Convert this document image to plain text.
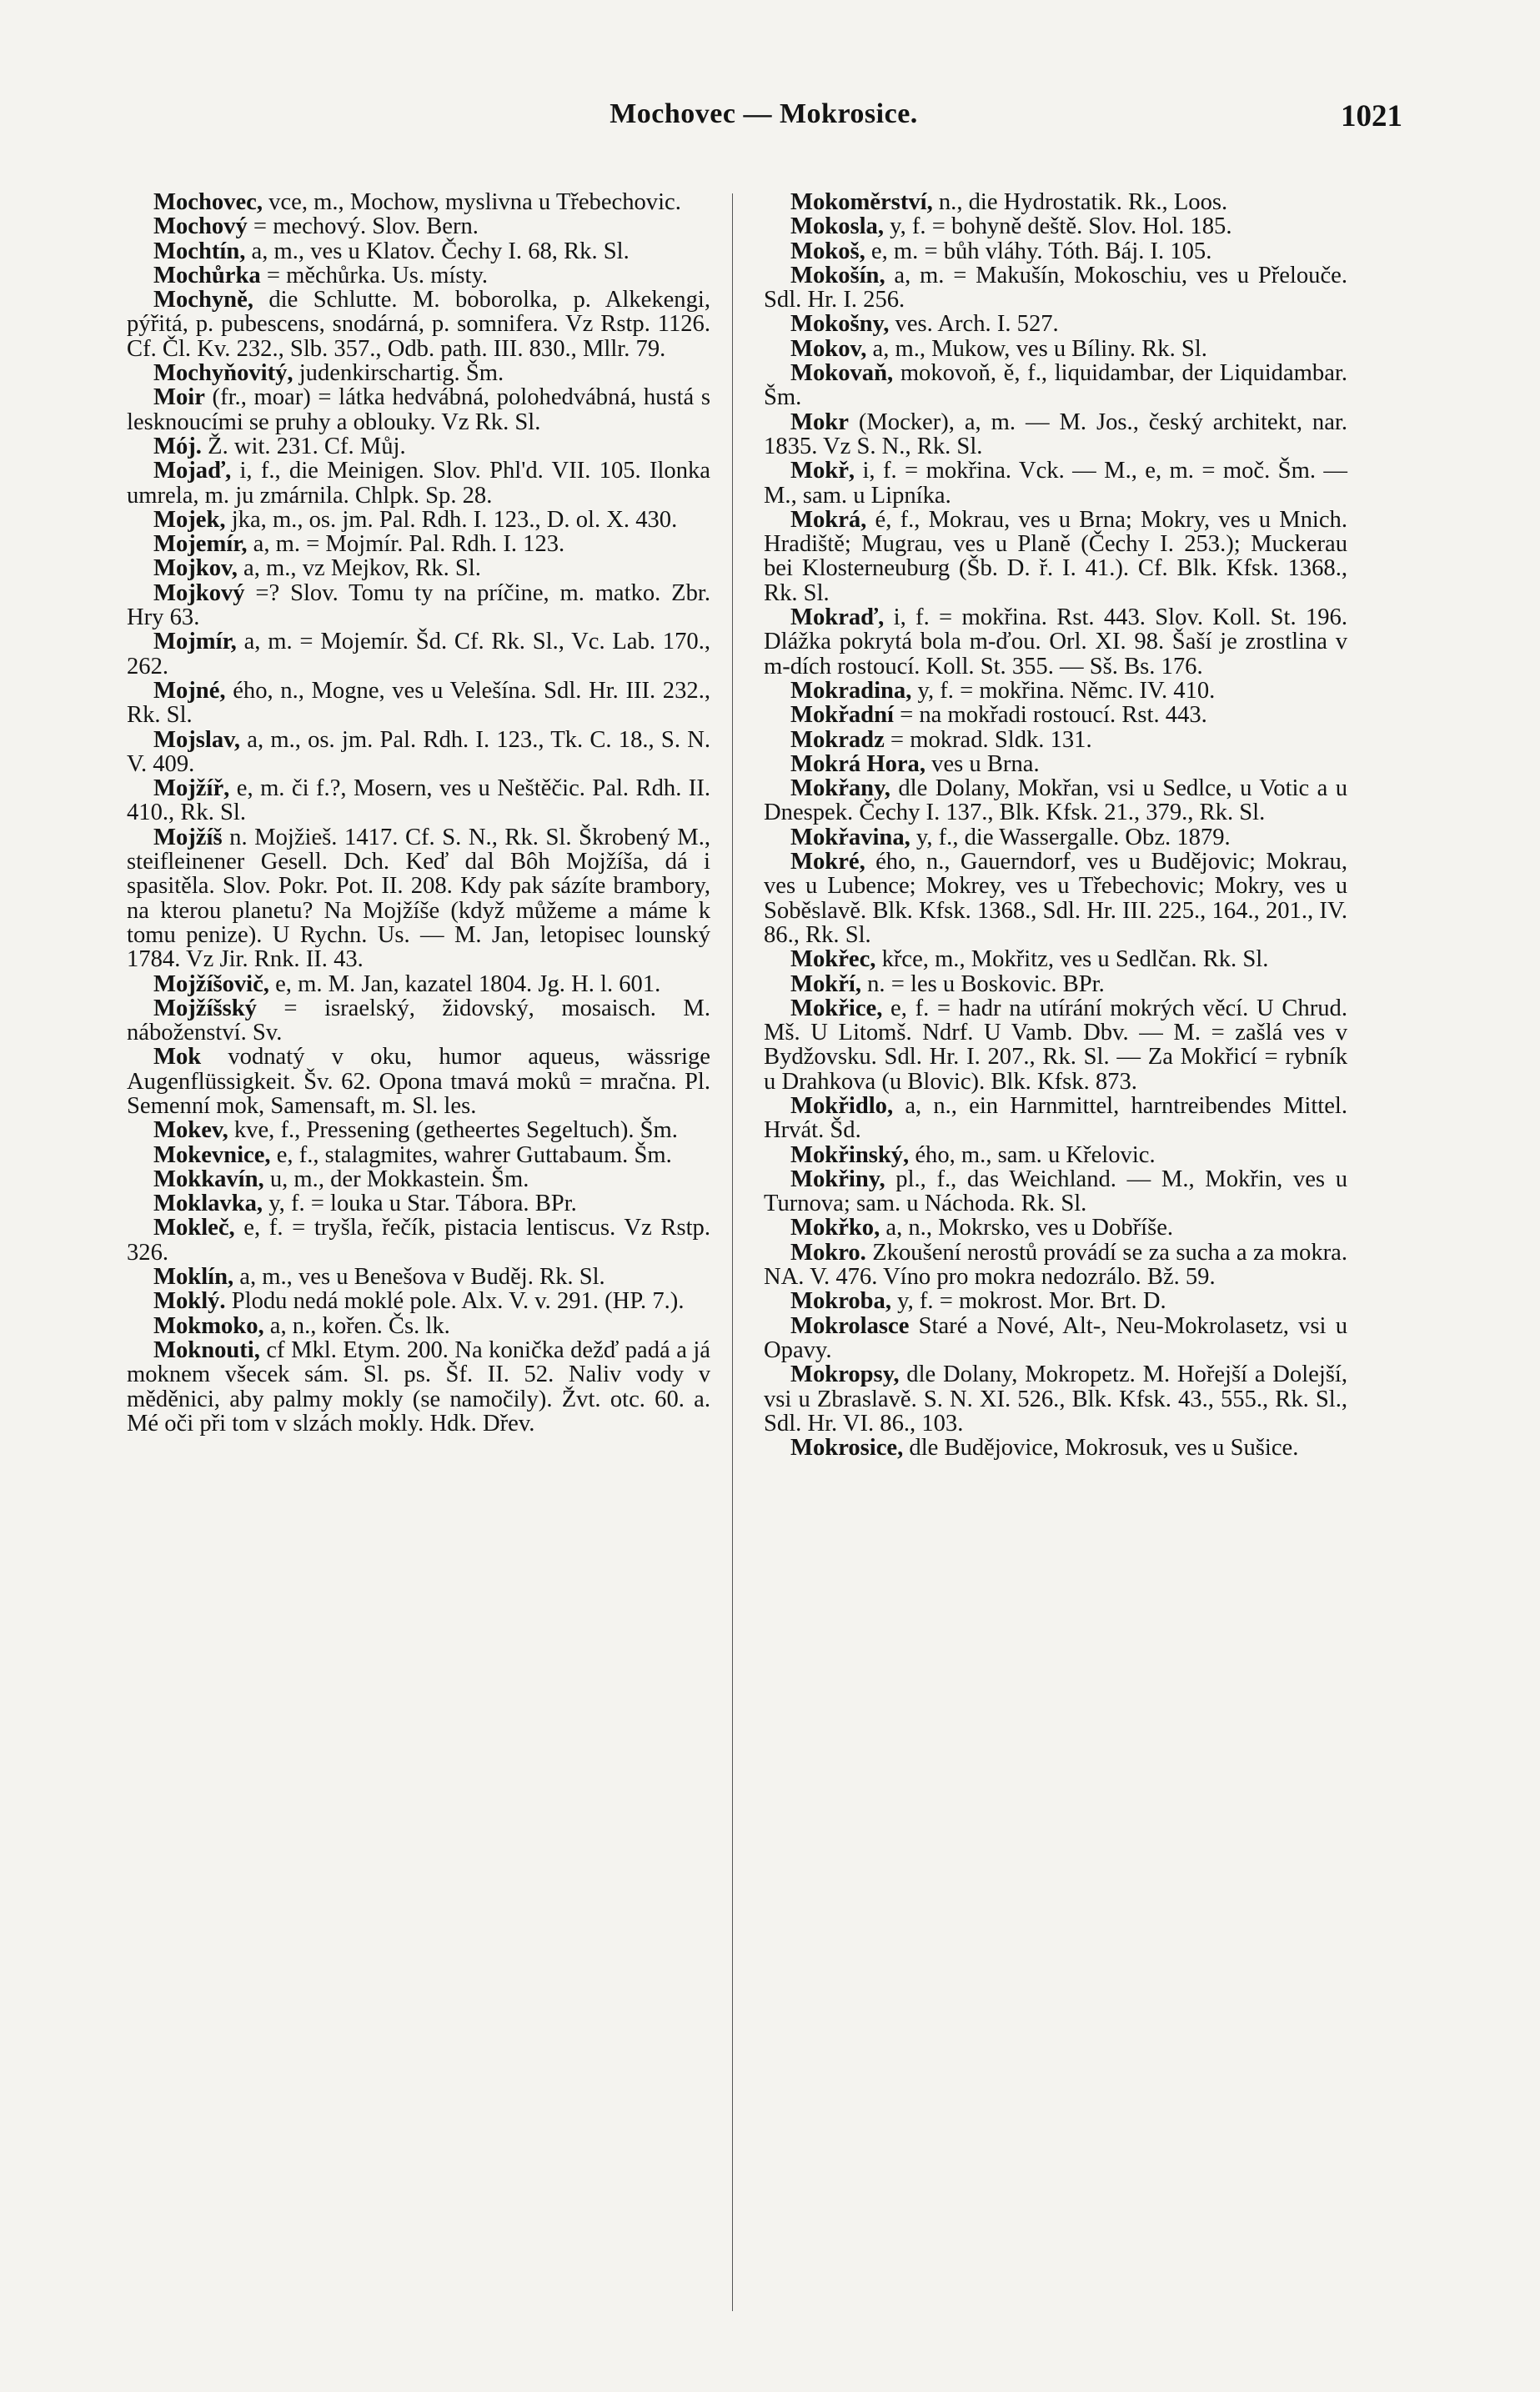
Mochovec — Mokrosice.	1021

Mochovec, vce, m., Mochow, myslivna u Třebechovic.

Mochový = mechový. Slov. Bern.

Mochtín, a, m., ves u Klatov. Čechy I. 68, Rk. Sl.

Mochůrka = měchůrka. Us. místy.

Mochyně, die Schlutte. M. boborolka, p. Alkekengi, pýřitá, p. pubescens, snodárná, p. somnifera. Vz Rstp. 1126. Cf. Čl. Kv. 232., Slb. 357., Odb. path. III. 830., Mllr. 79.

Mochyňovitý, judenkirschartig. Šm.

Moir (fr., moar) = látka hedvábná, polohedvábná, hustá s lesknoucími se pruhy a oblouky. Vz Rk. Sl.

Mój. Ž. wit. 231. Cf. Můj.

Mojaď, i, f., die Meinigen. Slov. Phl'd. VII. 105. Ilonka umrela, m. ju zmárnila. Chlpk. Sp. 28.

Mojek, jka, m., os. jm. Pal. Rdh. I. 123., D. ol. X. 430.

Mojemír, a, m. = Mojmír. Pal. Rdh. I. 123.

Mojkov, a, m., vz Mejkov, Rk. Sl.

Mojkový =? Slov. Tomu ty na príčine, m. matko. Zbr. Hry 63.

Mojmír, a, m. = Mojemír. Šd. Cf. Rk. Sl., Vc. Lab. 170., 262.

Mojné, ého, n., Mogne, ves u Velešína. Sdl. Hr. III. 232., Rk. Sl.

Mojslav, a, m., os. jm. Pal. Rdh. I. 123., Tk. C. 18., S. N. V. 409.

Mojžíř, e, m. či f.?, Mosern, ves u Neštěčic. Pal. Rdh. II. 410., Rk. Sl.

Mojžíš n. Mojžieš. 1417. Cf. S. N., Rk. Sl. Škrobený M., steifleinener Gesell. Dch. Keď dal Bôh Mojžíša, dá i spasitěla. Slov. Pokr. Pot. II. 208. Kdy pak sázíte brambory, na kterou planetu? Na Mojžíše (když můžeme a máme k tomu penize). U Rychn. Us. — M. Jan, letopisec lounský 1784. Vz Jir. Rnk. II. 43.

Mojžíšovič, e, m. M. Jan, kazatel 1804. Jg. H. l. 601.

Mojžíšský = israelský, židovský, mosaisch. M. náboženství. Sv.

Mok vodnatý v oku, humor aqueus, wässrige Augenflüssigkeit. Šv. 62. Opona tmavá moků = mračna. Pl. Semenní mok, Samensaft, m. Sl. les.

Mokev, kve, f., Pressening (getheertes Segeltuch). Šm.

Mokevnice, e, f., stalagmites, wahrer Guttabaum. Šm.

Mokkavín, u, m., der Mokkastein. Šm.

Moklavka, y, f. = louka u Star. Tábora. BPr.

Mokleč, e, f. = tryšla, řečík, pistacia lentiscus. Vz Rstp. 326.

Moklín, a, m., ves u Benešova v Buděj. Rk. Sl.

Moklý. Plodu nedá moklé pole. Alx. V. v. 291. (HP. 7.).

Mokmoko, a, n., kořen. Čs. lk.

Moknouti, cf Mkl. Etym. 200. Na konička dežď padá a já moknem všecek sám. Sl. ps. Šf. II. 52. Naliv vody v měděnici, aby palmy mokly (se namočily). Žvt. otc. 60. a. Mé oči při tom v slzách mokly. Hdk. Dřev.

Mokoměrství, n., die Hydrostatik. Rk., Loos.

Mokosla, y, f. = bohyně deště. Slov. Hol. 185.

Mokoš, e, m. = bůh vláhy. Tóth. Báj. I. 105.

Mokošín, a, m. = Makušín, Mokoschiu, ves u Přelouče. Sdl. Hr. I. 256.

Mokošny, ves. Arch. I. 527.

Mokov, a, m., Mukow, ves u Bíliny. Rk. Sl.

Mokovaň, mokovoň, ě, f., liquidambar, der Liquidambar. Šm.

Mokr (Mocker), a, m. — M. Jos., český architekt, nar. 1835. Vz S. N., Rk. Sl.

Mokř, i, f. = mokřina. Vck. — M., e, m. = moč. Šm. — M., sam. u Lipníka.

Mokrá, é, f., Mokrau, ves u Brna; Mokry, ves u Mnich. Hradiště; Mugrau, ves u Planě (Čechy I. 253.); Muckerau bei Klosterneuburg (Šb. D. ř. I. 41.). Cf. Blk. Kfsk. 1368., Rk. Sl.

Mokraď, i, f. = mokřina. Rst. 443. Slov. Koll. St. 196. Dlážka pokrytá bola m-ďou. Orl. XI. 98. Šaší je zrostlina v m-dích rostoucí. Koll. St. 355. — Sš. Bs. 176.

Mokradina, y, f. = mokřina. Němc. IV. 410.

Mokřadní = na mokřadi rostoucí. Rst. 443.

Mokradz = mokrad. Sldk. 131.

Mokrá Hora, ves u Brna.

Mokřany, dle Dolany, Mokřan, vsi u Sedlce, u Votic a u Dnespek. Čechy I. 137., Blk. Kfsk. 21., 379., Rk. Sl.

Mokřavina, y, f., die Wassergalle. Obz. 1879.

Mokré, ého, n., Gauerndorf, ves u Budějovic; Mokrau, ves u Lubence; Mokrey, ves u Třebechovic; Mokry, ves u Soběslavě. Blk. Kfsk. 1368., Sdl. Hr. III. 225., 164., 201., IV. 86., Rk. Sl.

Mokřec, křce, m., Mokřitz, ves u Sedlčan. Rk. Sl.

Mokří, n. = les u Boskovic. BPr.

Mokřice, e, f. = hadr na utírání mokrých věcí. U Chrud. Mš. U Litomš. Ndrf. U Vamb. Dbv. — M. = zašlá ves v Bydžovsku. Sdl. Hr. I. 207., Rk. Sl. — Za Mokřicí = rybník u Drahkova (u Blovic). Blk. Kfsk. 873.

Mokřidlo, a, n., ein Harnmittel, harntreibendes Mittel. Hrvát. Šd.

Mokřinský, ého, m., sam. u Křelovic.

Mokřiny, pl., f., das Weichland. — M., Mokřin, ves u Turnova; sam. u Náchoda. Rk. Sl.

Mokřko, a, n., Mokrsko, ves u Dobříše.

Mokro. Zkoušení nerostů provádí se za sucha a za mokra. NA. V. 476. Víno pro mokra nedozrálo. Bž. 59.

Mokroba, y, f. = mokrost. Mor. Brt. D.

Mokrolasce Staré a Nové, Alt-, Neu-Mokrolasetz, vsi u Opavy.

Mokropsy, dle Dolany, Mokropetz. M. Hořejší a Dolejší, vsi u Zbraslavě. S. N. XI. 526., Blk. Kfsk. 43., 555., Rk. Sl., Sdl. Hr. VI. 86., 103.

Mokrosice, dle Budějovice, Mokrosuk, ves u Sušice.
